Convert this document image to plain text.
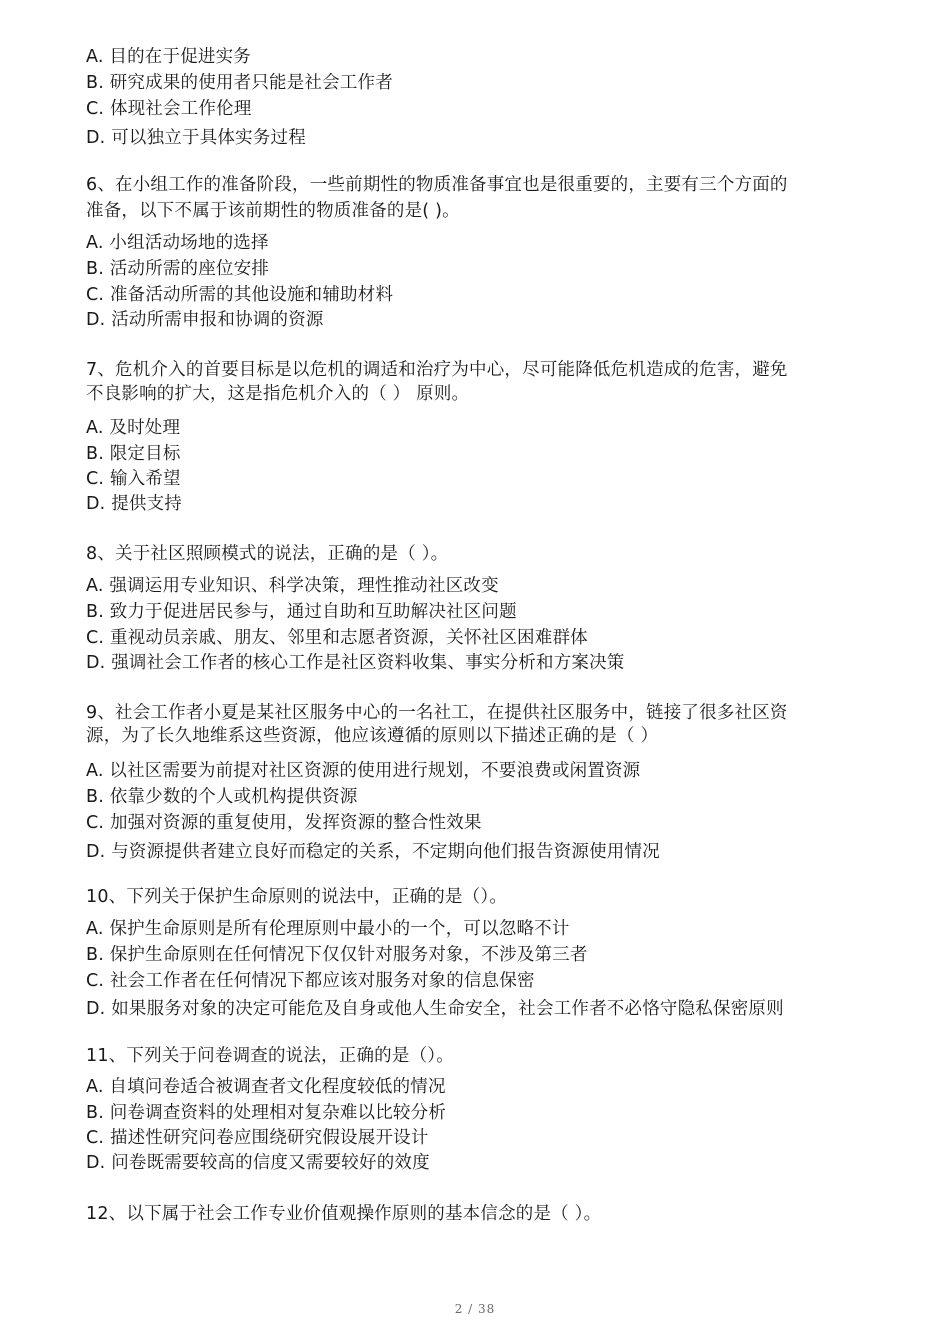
A. 目的在于促进实务
B. 研究成果的使用者只能是社会工作者
C. 体现社会工作伦理
D. 可以独立于具体实务过程
6、在小组工作的准备阶段，一些前期性的物质准备事宜也是很重要的，主要有三个方面的
准备，以下不属于该前期性的物质准备的是( )。
A. 小组活动场地的选择
B. 活动所需的座位安排
C. 准备活动所需的其他设施和辅助材料
D. 活动所需申报和协调的资源
7、危机介入的首要目标是以危机的调适和治疗为中心，尽可能降低危机造成的危害，避免
不良影响的扩大，这是指危机介入的（ ） 原则。
A. 及时处理
B. 限定目标
C. 输入希望
D. 提供支持
8、关于社区照顾模式的说法，正确的是（ ）。
A. 强调运用专业知识、科学决策，理性推动社区改变
B. 致力于促进居民参与，通过自助和互助解决社区问题
C. 重视动员亲戚、朋友、邻里和志愿者资源，关怀社区困难群体
D. 强调社会工作者的核心工作是社区资料收集、事实分析和方案决策
9、社会工作者小夏是某社区服务中心的一名社工，在提供社区服务中，链接了很多社区资
源，为了长久地维系这些资源，他应该遵循的原则以下描述正确的是（ ）
A. 以社区需要为前提对社区资源的使用进行规划，不要浪费或闲置资源
B. 依靠少数的个人或机构提供资源
C. 加强对资源的重复使用，发挥资源的整合性效果
D. 与资源提供者建立良好而稳定的关系，不定期向他们报告资源使用情况
10、下列关于保护生命原则的说法中，正确的是（）。
A. 保护生命原则是所有伦理原则中最小的一个，可以忽略不计
B. 保护生命原则在任何情况下仅仅针对服务对象，不涉及第三者
C. 社会工作者在任何情况下都应该对服务对象的信息保密
D. 如果服务对象的决定可能危及自身或他人生命安全，社会工作者不必恪守隐私保密原则
11、下列关于问卷调查的说法，正确的是（）。
A. 自填问卷适合被调查者文化程度较低的情况
B. 问卷调查资料的处理相对复杂难以比较分析
C. 描述性研究问卷应围绕研究假设展开设计
D. 问卷既需要较高的信度又需要较好的效度
12、以下属于社会工作专业价值观操作原则的基本信念的是（ ）。
2 / 38
